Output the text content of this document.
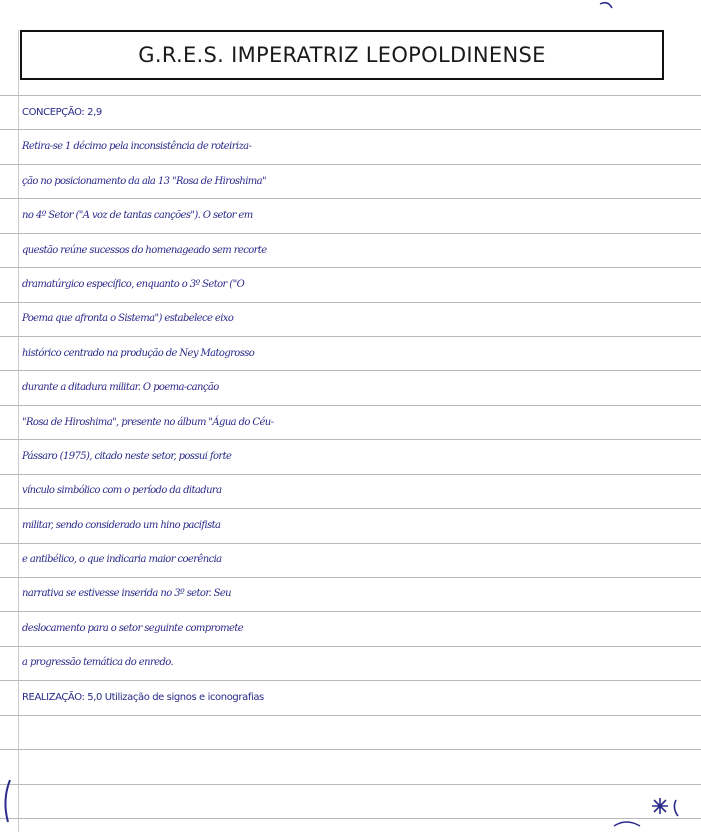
G.R.E.S. IMPERATRIZ LEOPOLDINENSE
CONCEPÇÃO: 2,9
Retira-se 1 décimo pela inconsistência de roteiriza-
ção no posicionamento da ala 13 "Rosa de Hiroshima"
no 4º Setor ("A voz de tantas canções"). O setor em
questão reúne sucessos do homenageado sem recorte
dramatúrgico específico, enquanto o 3º Setor ("O
Poema que afronta o Sistema") estabelece eixo
histórico centrado na produção de Ney Matogrosso
durante a ditadura militar. O poema-canção
"Rosa de Hiroshima", presente no álbum "Água do Céu-
Pássaro (1975), citado neste setor, possui forte
vínculo simbólico com o período da ditadura
militar, sendo considerado um hino pacifista
e antibélico, o que indicaria maior coerência
narrativa se estivesse inserida no 3º setor. Seu
deslocamento para o setor seguinte compromete
a progressão temática do enredo.
REALIZAÇÃO: 5,0 Utilização de signos e iconografias
